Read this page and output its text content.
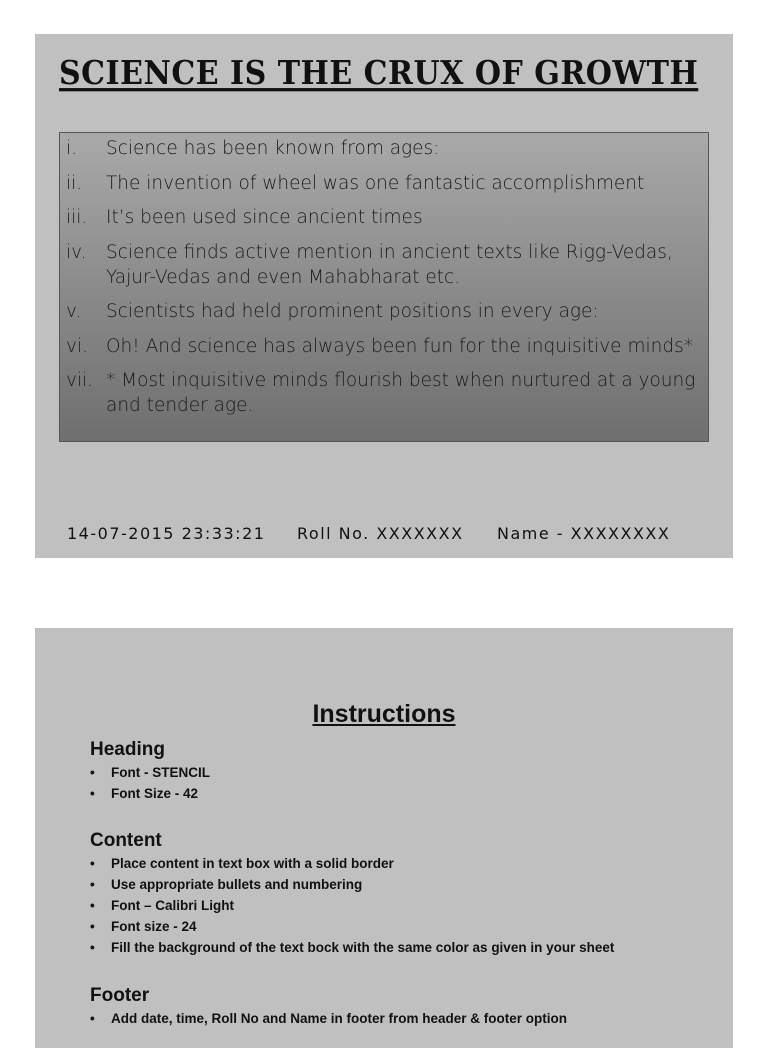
SCIENCE IS THE CRUX OF GROWTH
i.	Science has been known from ages:
ii.	The invention of wheel was one fantastic accomplishment
iii.	It’s been used since ancient times
iv.	Science finds active mention in ancient texts like Rigg-Vedas, Yajur-Vedas and even Mahabharat etc.
v.	Scientists had held prominent positions in every age:
vi. Oh! And science has always been fun for the inquisitive minds*
vii. * Most inquisitive minds flourish best when nurtured at a young and tender age.
14-07-2015 23:33:21	Roll No. XXXXXXX	Name - XXXXXXXX
Instructions
Heading
•	Font - STENCIL
•	Font Size - 42
Content
•	Place content in text box with a solid border
•	Use appropriate bullets and numbering
•	Font – Calibri Light
•	Font size - 24
•	Fill the background of the text bock with the same color as given in your sheet
Footer
•	Add date, time, Roll No and Name in footer from header & footer option
